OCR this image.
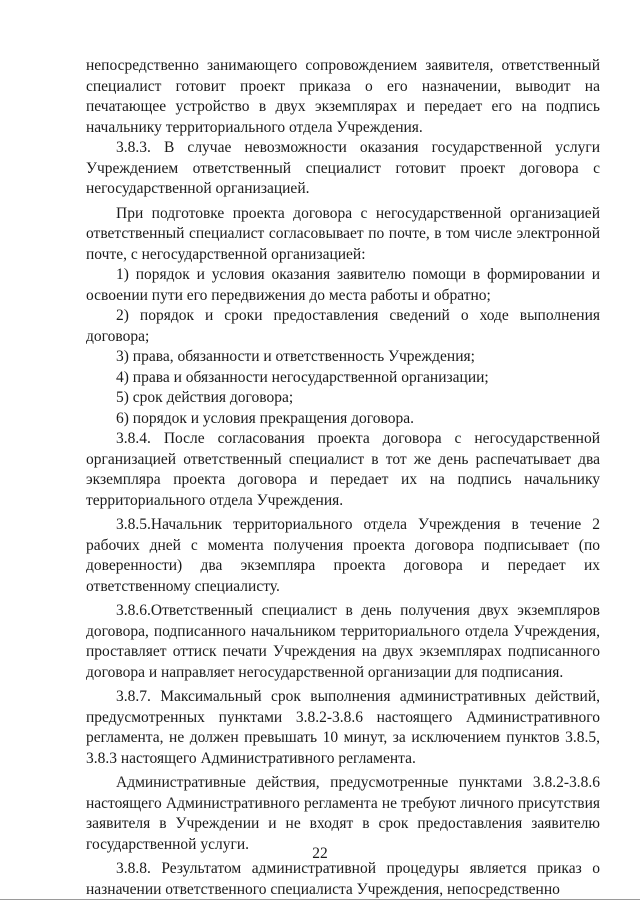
непосредственно занимающего сопровождением заявителя, ответственный специалист готовит проект приказа о его назначении, выводит на печатающее устройство в двух экземплярах и передает его на подпись начальнику территориального отдела Учреждения.

3.8.3. В случае невозможности оказания государственной услуги Учреждением ответственный специалист готовит проект договора с негосударственной организацией.

При подготовке проекта договора с негосударственной организацией ответственный специалист согласовывает по почте, в том числе электронной почте, с негосударственной организацией:

1) порядок и условия оказания заявителю помощи в формировании и освоении пути его передвижения до места работы и обратно;

2) порядок и сроки предоставления сведений о ходе выполнения договора;

3) права, обязанности и ответственность Учреждения;

4) права и обязанности негосударственной организации;

5) срок действия договора;

6) порядок и условия прекращения договора.

3.8.4. После согласования проекта договора с негосударственной организацией ответственный специалист в тот же день распечатывает два экземпляра проекта договора и передает их на подпись начальнику территориального отдела Учреждения.

3.8.5.Начальник территориального отдела Учреждения в течение 2 рабочих дней с момента получения проекта договора подписывает (по доверенности) два экземпляра проекта договора и передает их ответственному специалисту.

3.8.6.Ответственный специалист в день получения двух экземпляров договора, подписанного начальником территориального отдела Учреждения, проставляет оттиск печати Учреждения на двух экземплярах подписанного договора и направляет негосударственной организации для подписания.

3.8.7. Максимальный срок выполнения административных действий, предусмотренных пунктами 3.8.2-3.8.6 настоящего Административного регламента, не должен превышать 10 минут, за исключением пунктов 3.8.5, 3.8.3 настоящего Административного регламента.

Административные действия, предусмотренные пунктами 3.8.2-3.8.6 настоящего Административного регламента не требуют личного присутствия заявителя в Учреждении и не входят в срок предоставления заявителю государственной услуги.

3.8.8. Результатом административной процедуры является приказ о назначении ответственного специалиста Учреждения, непосредственно

22
